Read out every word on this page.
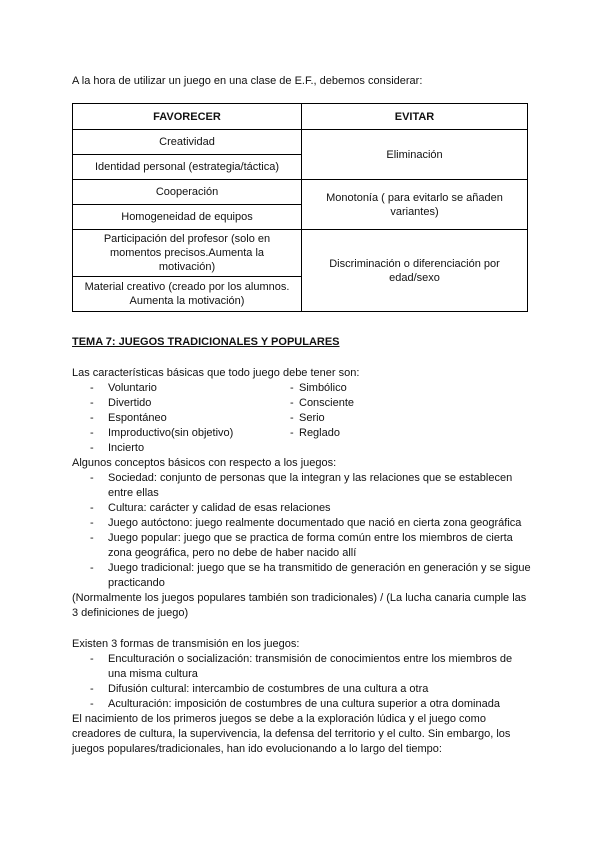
A la hora de utilizar un juego en una clase de E.F., debemos considerar:

FAVORECER	EVITAR
Creatividad	Eliminación
Identidad personal (estrategia/táctica)	
Cooperación	Monotonía ( para evitarlo se añaden variantes)
Homogeneidad de equipos	
Participación del profesor (solo en momentos precisos.Aumenta la motivación)	Discriminación o diferenciación por edad/sexo
Material creativo (creado por los alumnos. Aumenta la motivación)	

TEMA 7: JUEGOS TRADICIONALES Y POPULARES

Las características básicas que todo juego debe tener son:

- Voluntario
- Divertido
- Espontáneo
- Improductivo(sin objetivo)
- Incierto
- Simbólico
- Consciente
- Serio
- Reglado

Algunos conceptos básicos con respecto a los juegos:

- Sociedad: conjunto de personas que la integran y las relaciones que se establecen entre ellas
- Cultura: carácter y calidad de esas relaciones
- Juego autóctono: juego realmente documentado que nació en cierta zona geográfica
- Juego popular: juego que se practica de forma común entre los miembros de cierta zona geográfica, pero no debe de haber nacido allí
- Juego tradicional: juego que se ha transmitido de generación en generación y se sigue practicando

(Normalmente los juegos populares también son tradicionales) / (La lucha canaria cumple las 3 definiciones de juego)

Existen 3 formas de transmisión en los juegos:

- Enculturación o socialización: transmisión de conocimientos entre los miembros de una misma cultura
- Difusión cultural: intercambio de costumbres de una cultura a otra
- Aculturación: imposición de costumbres de una cultura superior a otra dominada

El nacimiento de los primeros juegos se debe a la exploración lúdica y el juego como creadores de cultura, la supervivencia, la defensa del territorio y el culto. Sin embargo, los juegos populares/tradicionales, han ido evolucionando a lo largo del tiempo:
